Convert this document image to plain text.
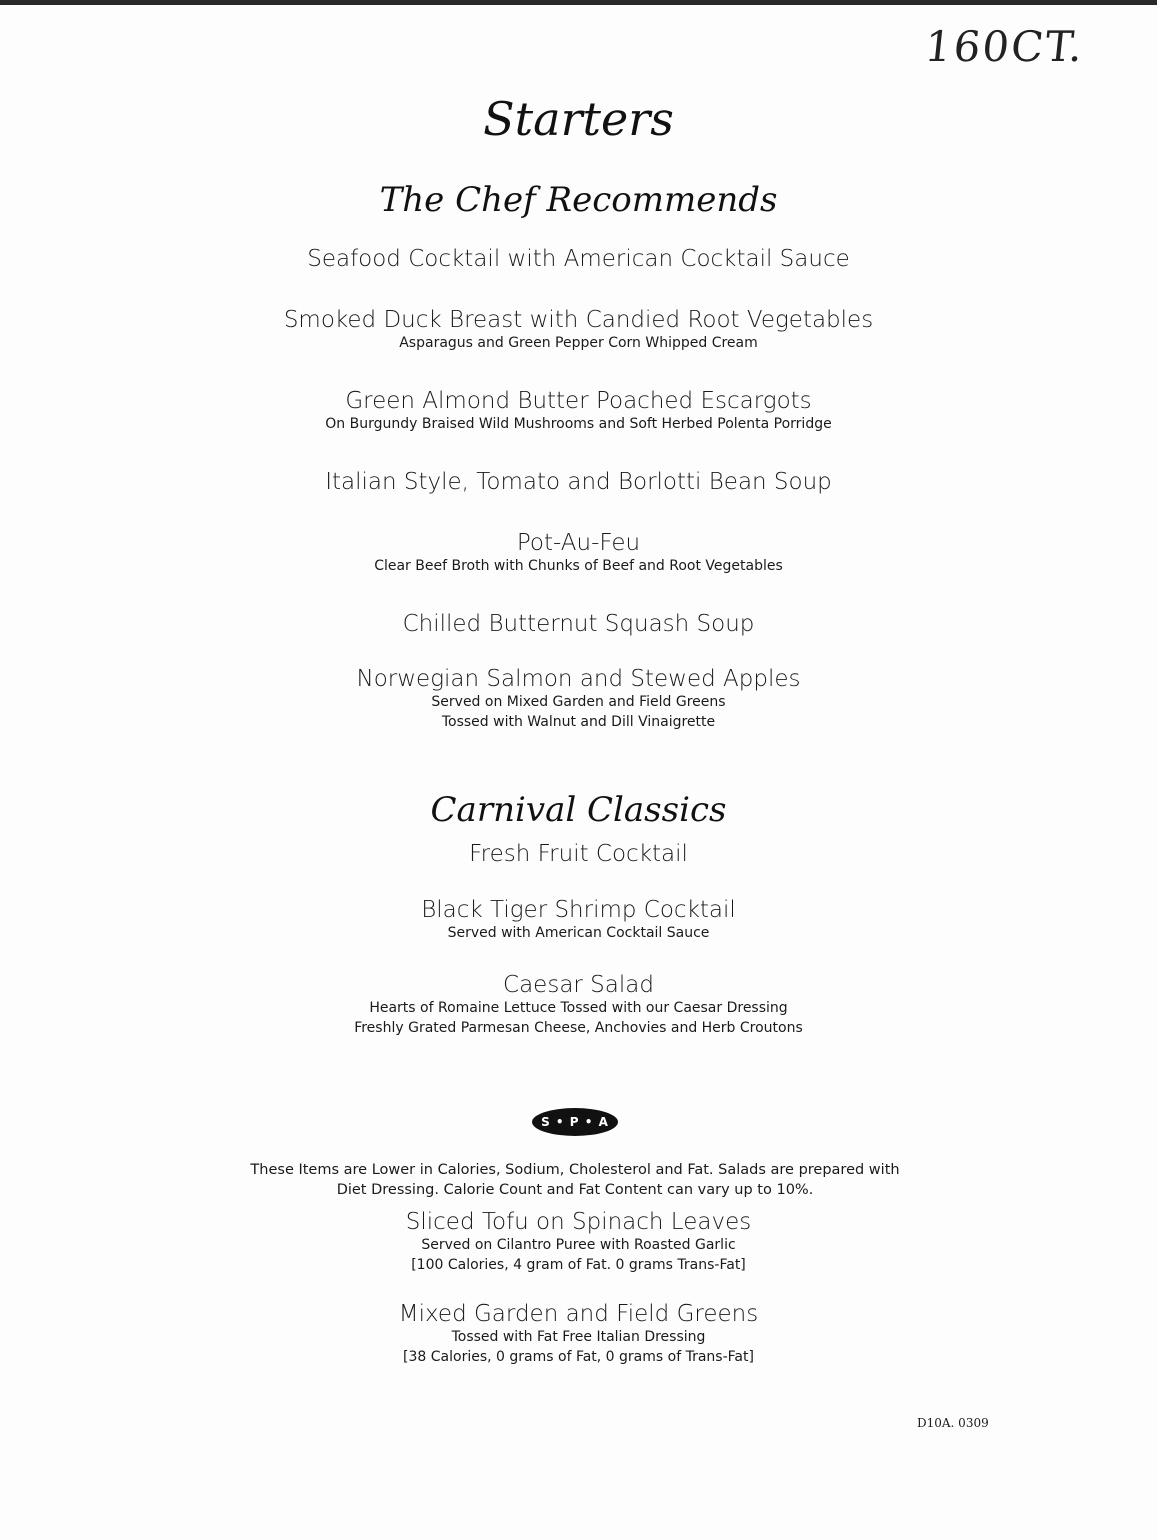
160CT.
Starters
The Chef Recommends
Seafood Cocktail with American Cocktail Sauce
Smoked Duck Breast with Candied Root Vegetables
Asparagus and Green Pepper Corn Whipped Cream
Green Almond Butter Poached Escargots
On Burgundy Braised Wild Mushrooms and Soft Herbed Polenta Porridge
Italian Style, Tomato and Borlotti Bean Soup
Pot-Au-Feu
Clear Beef Broth with Chunks of Beef and Root Vegetables
Chilled Butternut Squash Soup
Norwegian Salmon and Stewed Apples
Served on Mixed Garden and Field Greens
Tossed with Walnut and Dill Vinaigrette
Carnival Classics
Fresh Fruit Cocktail
Black Tiger Shrimp Cocktail
Served with American Cocktail Sauce
Caesar Salad
Hearts of Romaine Lettuce Tossed with our Caesar Dressing
Freshly Grated Parmesan Cheese, Anchovies and Herb Croutons
S • P • A
These Items are Lower in Calories, Sodium, Cholesterol and Fat. Salads are prepared with Diet Dressing. Calorie Count and Fat Content can vary up to 10%.
Sliced Tofu on Spinach Leaves
Served on Cilantro Puree with Roasted Garlic
[100 Calories, 4 gram of Fat. 0 grams Trans-Fat]
Mixed Garden and Field Greens
Tossed with Fat Free Italian Dressing
[38 Calories, 0 grams of Fat, 0 grams of Trans-Fat]
D10A. 0309
